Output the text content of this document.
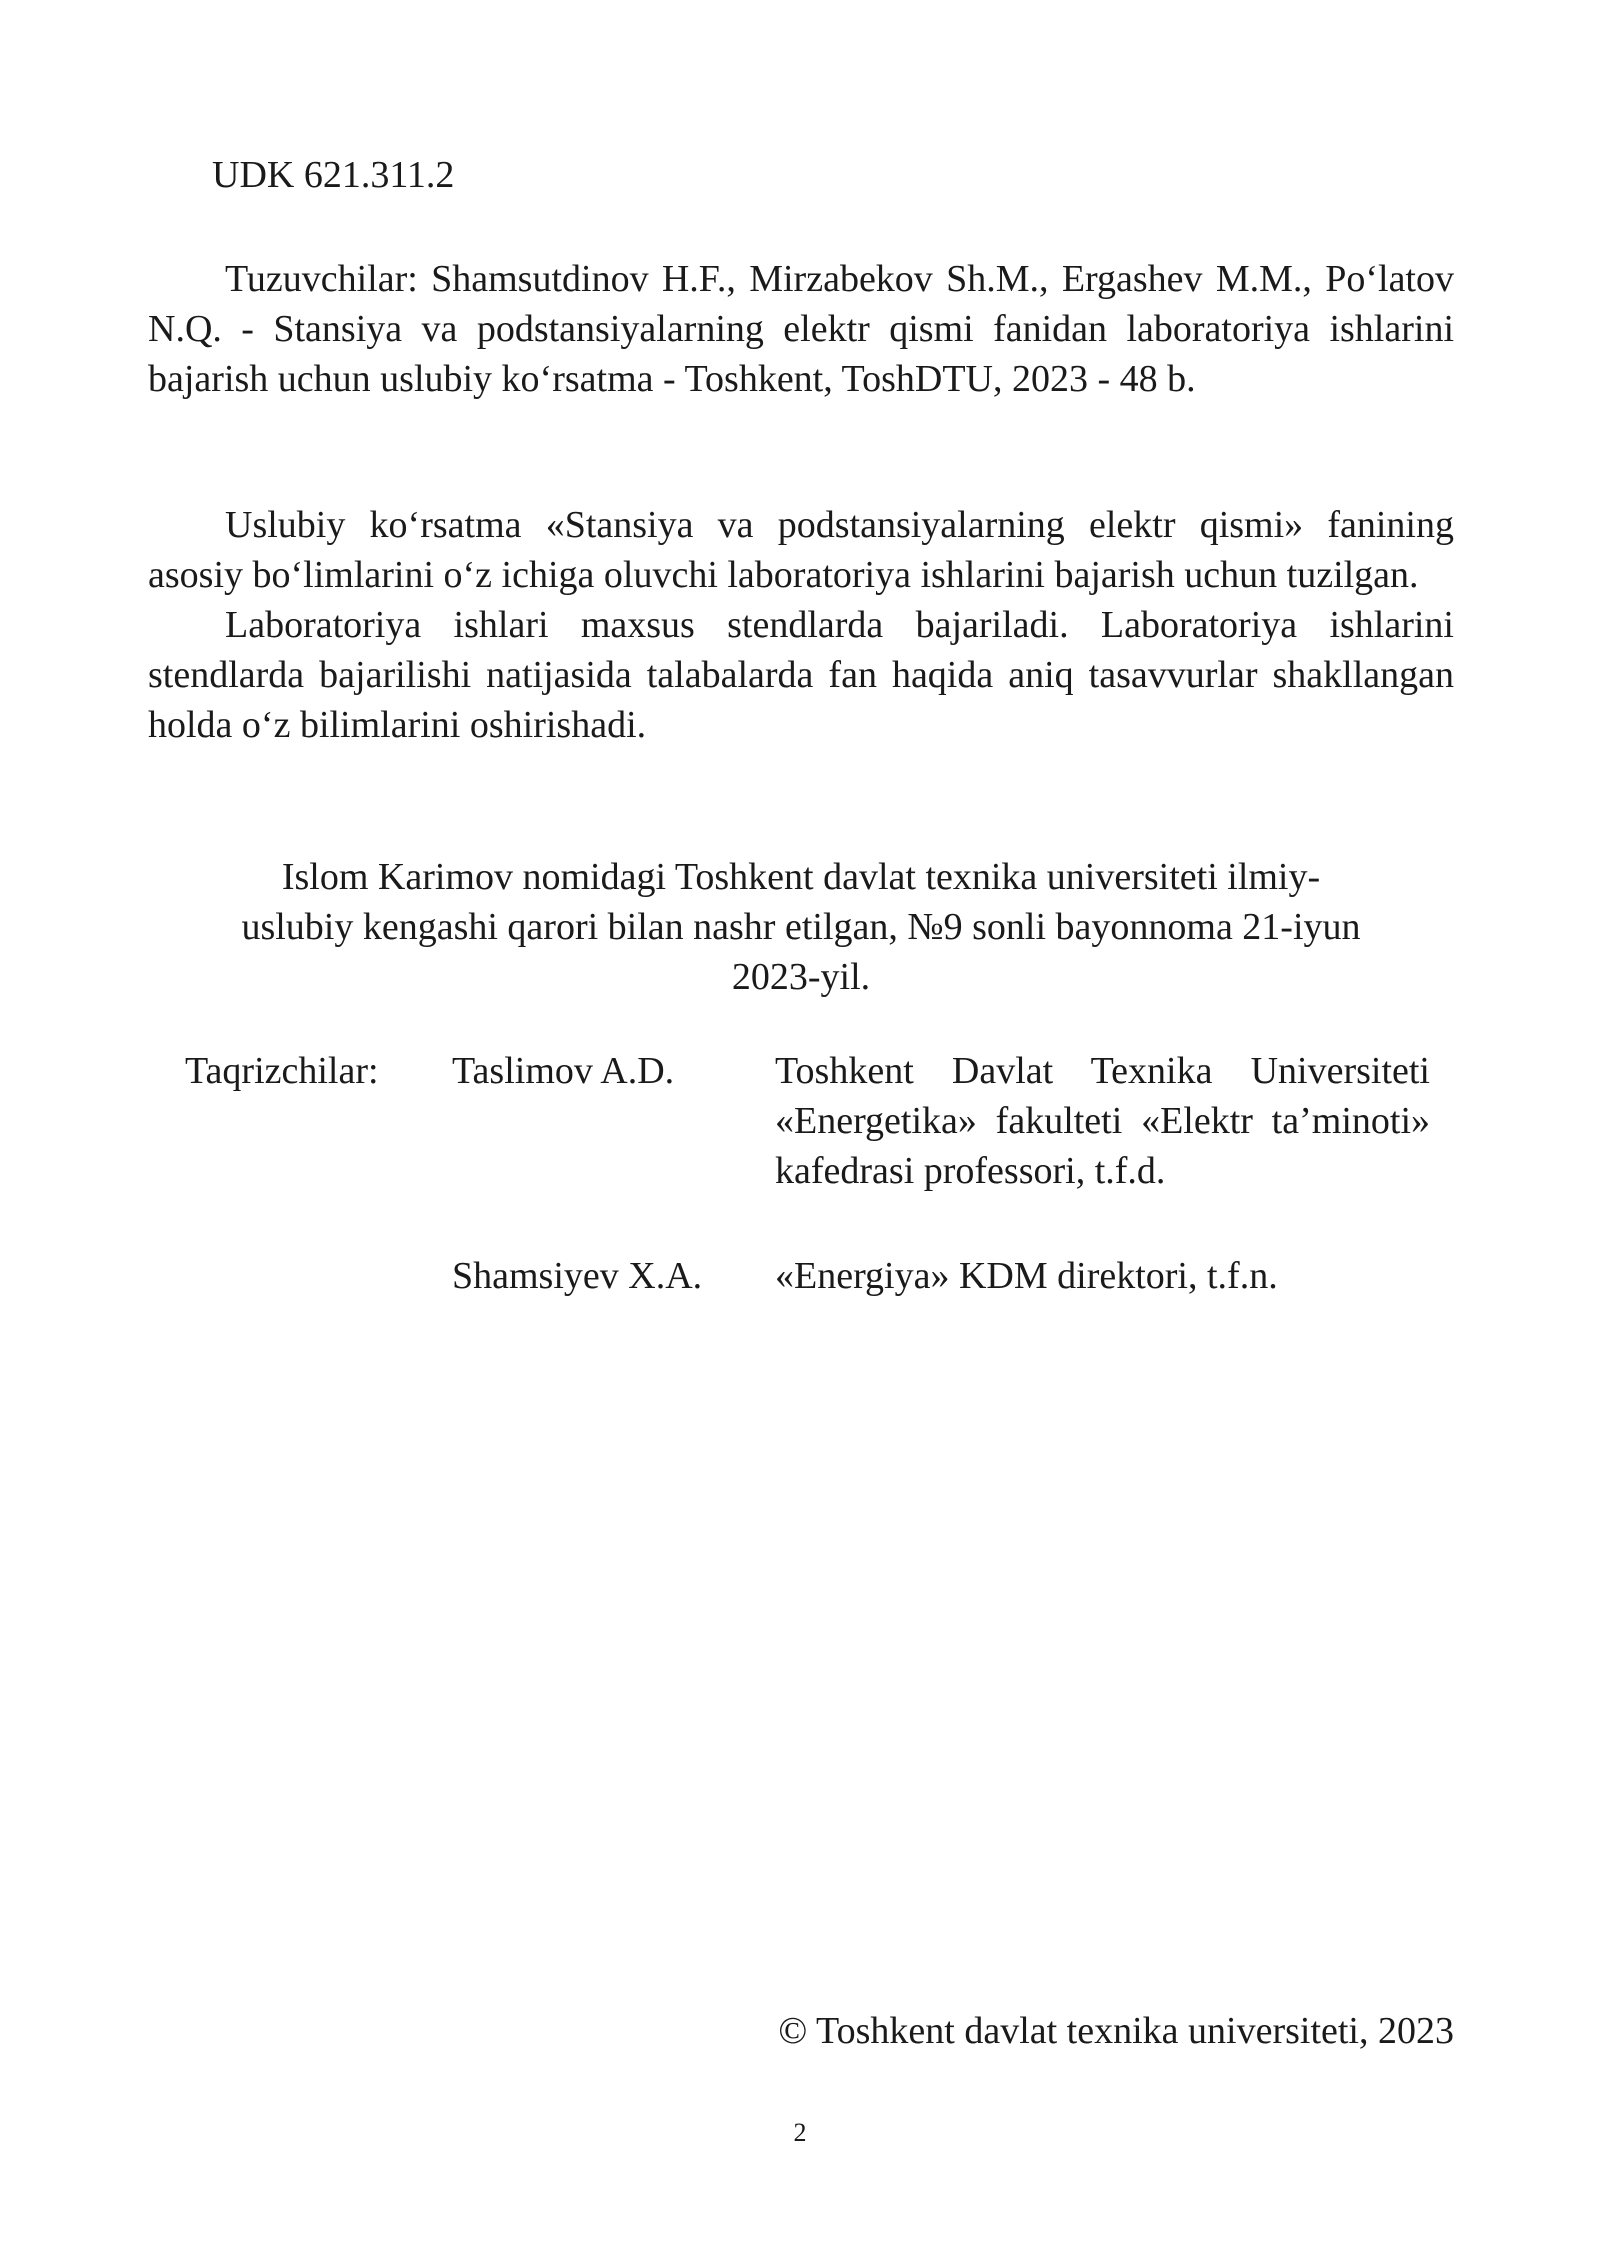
UDK 621.311.2
Tuzuvchilar: Shamsutdinov H.F., Mirzabekov Sh.M., Ergashev M.M., Poʻlatov N.Q. - Stansiya va podstansiyalarning elektr qismi fanidan laboratoriya ishlarini bajarish uchun uslubiy koʻrsatma - Toshkent, ToshDTU, 2023 - 48 b.

Uslubiy koʻrsatma «Stansiya va podstansiyalarning elektr qismi» fanining asosiy boʻlimlarini oʻz ichiga oluvchi laboratoriya ishlarini bajarish uchun tuzilgan.

Laboratoriya ishlari maxsus stendlarda bajariladi. Laboratoriya ishlarini stendlarda bajarilishi natijasida talabalarda fan haqida aniq tasavvurlar shakllangan holda oʻz bilimlarini oshirishadi.

Islom Karimov nomidagi Toshkent davlat texnika universiteti ilmiy-
uslubiy kengashi qarori bilan nashr etilgan, №9 sonli bayonnoma 21-iyun
2023-yil.
Taqrizchilar: Taslimov A.D.	Toshkent Davlat Texnika Universiteti «Energetika» fakulteti «Elektr ta’minoti» kafedrasi professori, t.f.d.
Shamsiyev X.A. «Energiya» KDM direktori, t.f.n.
© Toshkent davlat texnika universiteti, 2023
2
